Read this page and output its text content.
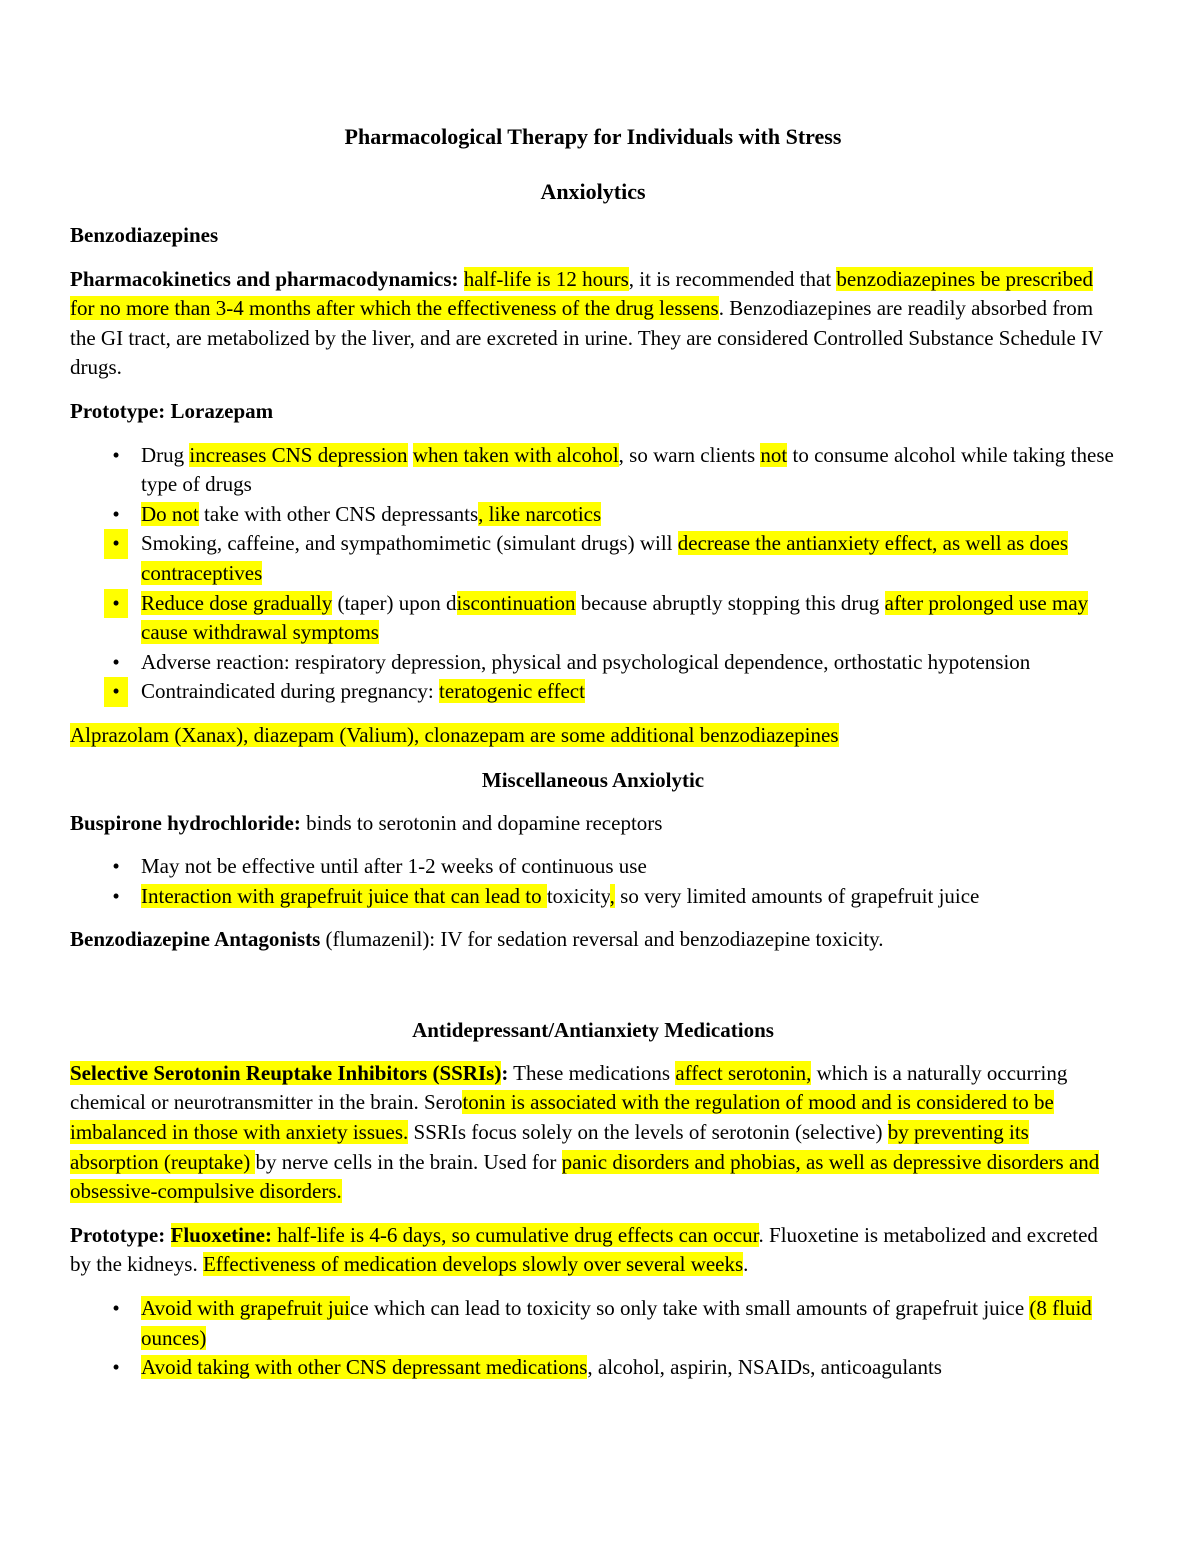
Pharmacological Therapy for Individuals with Stress
Anxiolytics
Benzodiazepines

Pharmacokinetics and pharmacodynamics: half-life is 12 hours, it is recommended that benzodiazepines be prescribed for no more than 3-4 months after which the effectiveness of the drug lessens. Benzodiazepines are readily absorbed from the GI tract, are metabolized by the liver, and are excreted in urine. They are considered Controlled Substance Schedule IV drugs.

Prototype: Lorazepam
•	Drug increases CNS depression when taken with alcohol, so warn clients not to consume alcohol while taking these type of drugs
•	Do not take with other CNS depressants, like narcotics
•	Smoking, caffeine, and sympathomimetic (simulant drugs) will decrease the antianxiety effect, as well as does contraceptives
•	Reduce dose gradually (taper) upon discontinuation because abruptly stopping this drug after prolonged use may cause withdrawal symptoms
•	Adverse reaction: respiratory depression, physical and psychological dependence, orthostatic hypotension
•	Contraindicated during pregnancy: teratogenic effect

Alprazolam (Xanax), diazepam (Valium), clonazepam are some additional benzodiazepines

Miscellaneous Anxiolytic

Buspirone hydrochloride: binds to serotonin and dopamine receptors

•	May not be effective until after 1-2 weeks of continuous use
•	Interaction with grapefruit juice that can lead to toxicity, so very limited amounts of grapefruit juice

Benzodiazepine Antagonists (flumazenil): IV for sedation reversal and benzodiazepine toxicity.

Antidepressant/Antianxiety Medications

Selective Serotonin Reuptake Inhibitors (SSRIs): These medications affect serotonin, which is a naturally occurring chemical or neurotransmitter in the brain. Serotonin is associated with the regulation of mood and is considered to be imbalanced in those with anxiety issues. SSRIs focus solely on the levels of serotonin (selective) by preventing its absorption (reuptake) by nerve cells in the brain. Used for panic disorders and phobias, as well as depressive disorders and obsessive-compulsive disorders.

Prototype: Fluoxetine: half-life is 4-6 days, so cumulative drug effects can occur. Fluoxetine is metabolized and excreted by the kidneys. Effectiveness of medication develops slowly over several weeks.

•	Avoid with grapefruit juice which can lead to toxicity so only take with small amounts of grapefruit juice (8 fluid ounces)
•	Avoid taking with other CNS depressant medications, alcohol, aspirin, NSAIDs, anticoagulants
